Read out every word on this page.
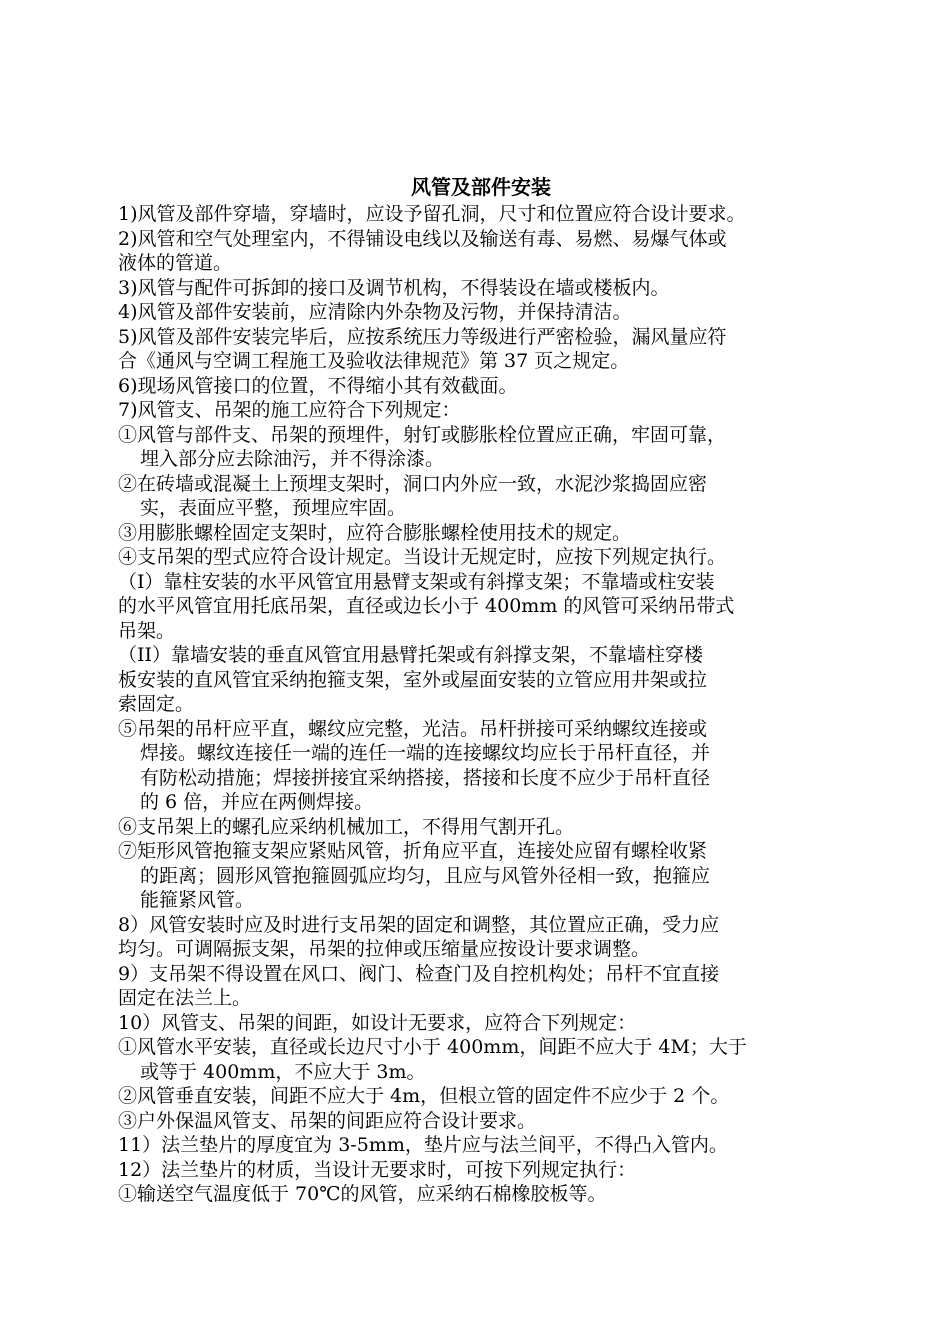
风管及部件安装
1)风管及部件穿墙，穿墙时，应设予留孔洞，尺寸和位置应符合设计要求。
2)风管和空气处理室内，不得铺设电线以及输送有毒、易燃、易爆气体或
液体的管道。
3)风管与配件可拆卸的接口及调节机构，不得装设在墙或楼板内。
4)风管及部件安装前，应清除内外杂物及污物，并保持清洁。
5)风管及部件安装完毕后，应按系统压力等级进行严密检验，漏风量应符
合《通风与空调工程施工及验收法律规范》第 37 页之规定。
6)现场风管接口的位置，不得缩小其有效截面。
7)风管支、吊架的施工应符合下列规定：
①风管与部件支、吊架的预埋件，射钉或膨胀栓位置应正确，牢固可靠，
埋入部分应去除油污，并不得涂漆。
②在砖墙或混凝土上预埋支架时，洞口内外应一致，水泥沙浆捣固应密
实，表面应平整，预埋应牢固。
③用膨胀螺栓固定支架时，应符合膨胀螺栓使用技术的规定。
④支吊架的型式应符合设计规定。当设计无规定时，应按下列规定执行。
（I）靠柱安装的水平风管宜用悬臂支架或有斜撑支架；不靠墙或柱安装
的水平风管宜用托底吊架，直径或边长小于 400mm 的风管可采纳吊带式
吊架。
（II）靠墙安装的垂直风管宜用悬臂托架或有斜撑支架，不靠墙柱穿楼
板安装的直风管宜采纳抱箍支架，室外或屋面安装的立管应用井架或拉
索固定。
⑤吊架的吊杆应平直，螺纹应完整，光洁。吊杆拼接可采纳螺纹连接或
焊接。螺纹连接任一端的连任一端的连接螺纹均应长于吊杆直径，并
有防松动措施；焊接拼接宜采纳搭接，搭接和长度不应少于吊杆直径
的 6 倍，并应在两侧焊接。
⑥支吊架上的螺孔应采纳机械加工，不得用气割开孔。
⑦矩形风管抱箍支架应紧贴风管，折角应平直，连接处应留有螺栓收紧
的距离；圆形风管抱箍圆弧应均匀，且应与风管外径相一致，抱箍应
能箍紧风管。
8）风管安装时应及时进行支吊架的固定和调整，其位置应正确，受力应
均匀。可调隔振支架，吊架的拉伸或压缩量应按设计要求调整。
9）支吊架不得设置在风口、阀门、检查门及自控机构处；吊杆不宜直接
固定在法兰上。
10）风管支、吊架的间距，如设计无要求，应符合下列规定：
①风管水平安装，直径或长边尺寸小于 400mm，间距不应大于 4M；大于
或等于 400mm，不应大于 3m。
②风管垂直安装，间距不应大于 4m，但根立管的固定件不应少于 2 个。
③户外保温风管支、吊架的间距应符合设计要求。
11）法兰垫片的厚度宜为 3-5mm，垫片应与法兰间平，不得凸入管内。
12）法兰垫片的材质，当设计无要求时，可按下列规定执行：
①输送空气温度低于 70℃的风管，应采纳石棉橡胶板等。
